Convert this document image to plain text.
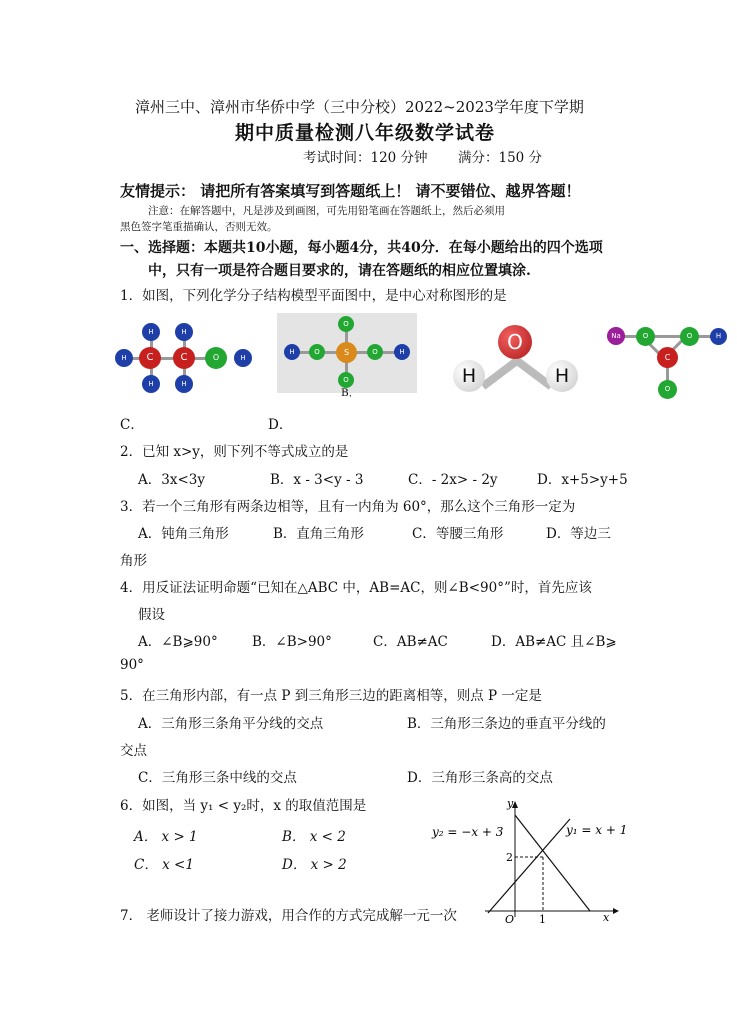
漳州三中、漳州市华侨中学（三中分校）2022~2023学年度下学期
期中质量检测八年级数学试卷
考试时间：120 分钟 满分：150 分
友情提示： 请把所有答案填写到答题纸上！ 请不要错位、越界答题！
注意：在解答题中，凡是涉及到画图，可先用铅笔画在答题纸上，然后必须用
黑色签字笔重描确认，否则无效。
一、选择题：本题共10小题，每小题4分，共40分．在每小题给出的四个选项
中，只有一项是符合题目要求的，请在答题纸的相应位置填涂.
1．如图，下列化学分子结构模型平面图中，是中心对称图形的是
H	H
H	C	C	O	H
H	H
H	O	S
O
O
O	H
B．
O
H	H
Na	O
C
O	H
O
C．	D．
2．已知 x>y，则下列不等式成立的是
A．3x<3y	B．x - 3<y - 3	C．- 2x> - 2y	D．x+5>y+5
3．若一个三角形有两条边相等，且有一内角为 60°，那么这个三角形一定为
A．钝角三角形	B．直角三角形	C．等腰三角形	D．等边三
角形
4．用反证法证明命题“已知在△ABC 中，AB=AC，则∠B<90°”时，首先应该
假设
A．∠B⩾90°	B．∠B>90°	C．AB≠AC	D．AB≠AC 且∠B⩾
90°
5．在三角形内部，有一点 P 到三角形三边的距离相等，则点 P 一定是
A．三角形三条角平分线的交点	B．三角形三条边的垂直平分线的
交点
C．三角形三条中线的交点	D．三角形三条高的交点
6．如图，当 y₁ < y₂时，x 的取值范围是
A． x > 1	B． x < 2
C． x <1	D． x > 2
y₂ = −x + 3	y₁ = x + 1
y
x
O 1
2
7． 老师设计了接力游戏，用合作的方式完成解一元一次
